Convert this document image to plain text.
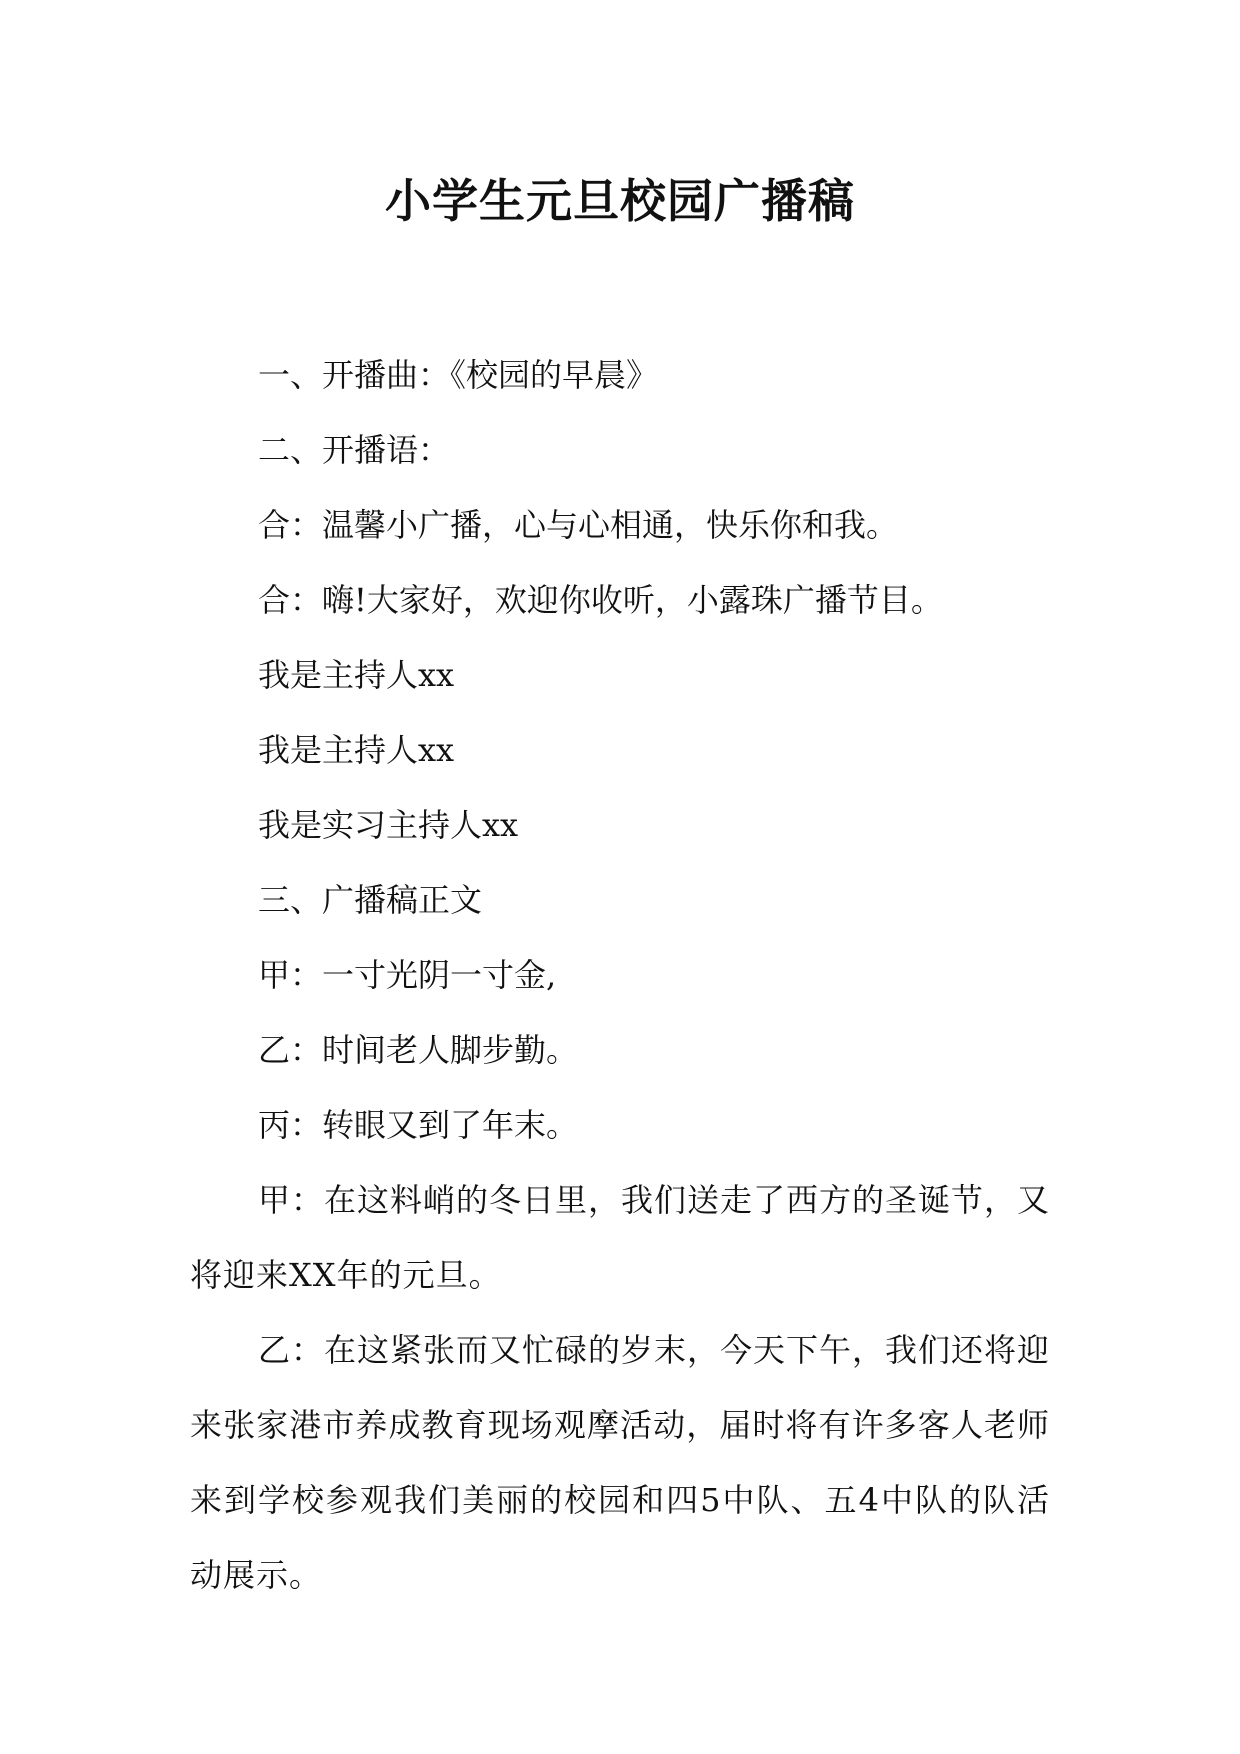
小学生元旦校园广播稿

一、开播曲：《校园的早晨》

二、开播语：

合：温馨小广播，心与心相通，快乐你和我。

合：嗨!大家好，欢迎你收听，小露珠广播节目。

我是主持人xx

我是主持人xx

我是实习主持人xx

三、广播稿正文

甲：一寸光阴一寸金,

乙：时间老人脚步勤。

丙：转眼又到了年末。

甲：在这料峭的冬日里，我们送走了西方的圣诞节，又将迎来XX年的元旦。

乙：在这紧张而又忙碌的岁末，今天下午，我们还将迎来张家港市养成教育现场观摩活动，届时将有许多客人老师来到学校参观我们美丽的校园和四5中队、五4中队的队活动展示。
